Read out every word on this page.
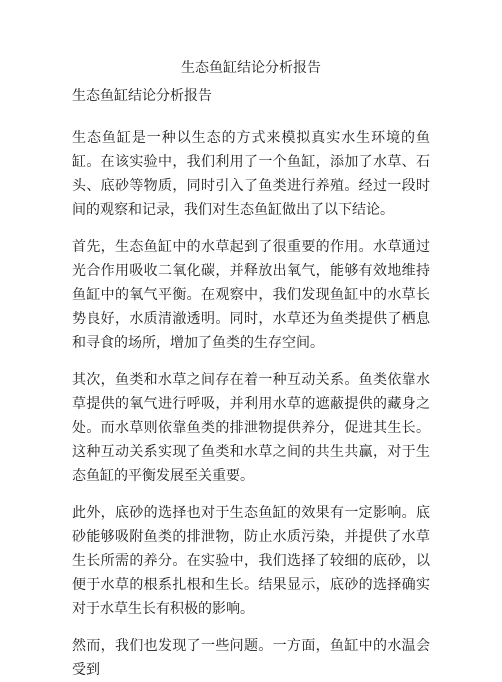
生态鱼缸结论分析报告

生态鱼缸结论分析报告

生态鱼缸是一种以生态的方式来模拟真实水生环境的鱼缸。在该实验中，我们利用了一个鱼缸，添加了水草、石头、底砂等物质，同时引入了鱼类进行养殖。经过一段时间的观察和记录，我们对生态鱼缸做出了以下结论。

首先，生态鱼缸中的水草起到了很重要的作用。水草通过光合作用吸收二氧化碳，并释放出氧气，能够有效地维持鱼缸中的氧气平衡。在观察中，我们发现鱼缸中的水草长势良好，水质清澈透明。同时，水草还为鱼类提供了栖息和寻食的场所，增加了鱼类的生存空间。

其次，鱼类和水草之间存在着一种互动关系。鱼类依靠水草提供的氧气进行呼吸，并利用水草的遮蔽提供的藏身之处。而水草则依靠鱼类的排泄物提供养分，促进其生长。这种互动关系实现了鱼类和水草之间的共生共赢，对于生态鱼缸的平衡发展至关重要。

此外，底砂的选择也对于生态鱼缸的效果有一定影响。底砂能够吸附鱼类的排泄物，防止水质污染，并提供了水草生长所需的养分。在实验中，我们选择了较细的底砂，以便于水草的根系扎根和生长。结果显示，底砂的选择确实对于水草生长有积极的影响。

然而，我们也发现了一些问题。一方面，鱼缸中的水温会受到
